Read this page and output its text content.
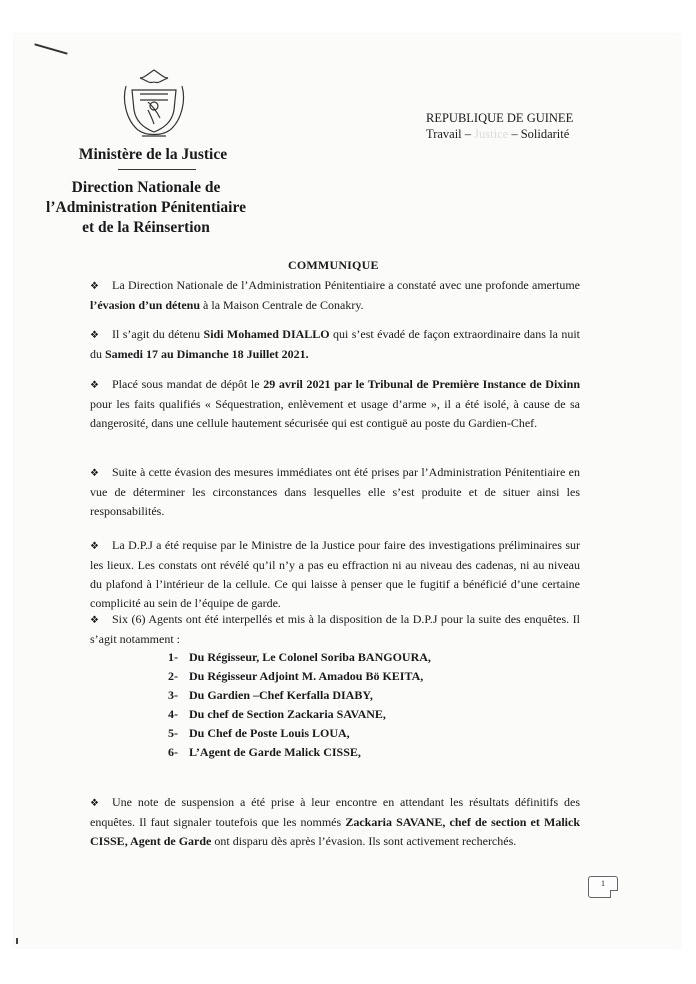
REPUBLIQUE DE GUINEE
Travail – Justice – Solidarité
Ministère de la Justice
Direction Nationale de
l’Administration Pénitentiaire
et de la Réinsertion
COMMUNIQUE
❖ La Direction Nationale de l’Administration Pénitentiaire a constaté avec une profonde amertume l’évasion d’un détenu à la Maison Centrale de Conakry.
❖ Il s’agit du détenu Sidi Mohamed DIALLO qui s’est évadé de façon extraordinaire dans la nuit du Samedi 17 au Dimanche 18 Juillet 2021.
❖ Placé sous mandat de dépôt le 29 avril 2021 par le Tribunal de Première Instance de Dixinn pour les faits qualifiés « Séquestration, enlèvement et usage d’arme », il a été isolé, à cause de sa dangerosité, dans une cellule hautement sécurisée qui est contiguë au poste du Gardien-Chef.
❖ Suite à cette évasion des mesures immédiates ont été prises par l’Administration Pénitentiaire en vue de déterminer les circonstances dans lesquelles elle s’est produite et de situer ainsi les responsabilités.
❖ La D.P.J a été requise par le Ministre de la Justice pour faire des investigations préliminaires sur les lieux. Les constats ont révélé qu’il n’y a pas eu effraction ni au niveau des cadenas, ni au niveau du plafond à l’intérieur de la cellule. Ce qui laisse à penser que le fugitif a bénéficié d’une certaine complicité au sein de l’équipe de garde.
❖ Six (6) Agents ont été interpellés et mis à la disposition de la D.P.J pour la suite des enquêtes. Il s’agit notamment :
1- Du Régisseur, Le Colonel Soriba BANGOURA,
2- Du Régisseur Adjoint M. Amadou Bö KEITA,
3- Du Gardien –Chef Kerfalla DIABY,
4- Du chef de Section Zackaria SAVANE,
5- Du Chef de Poste Louis LOUA,
6- L’Agent de Garde Malick CISSE,
❖ Une note de suspension a été prise à leur encontre en attendant les résultats définitifs des enquêtes. Il faut signaler toutefois que les nommés Zackaria SAVANE, chef de section et Malick CISSE, Agent de Garde ont disparu dès après l’évasion. Ils sont activement recherchés.
1
